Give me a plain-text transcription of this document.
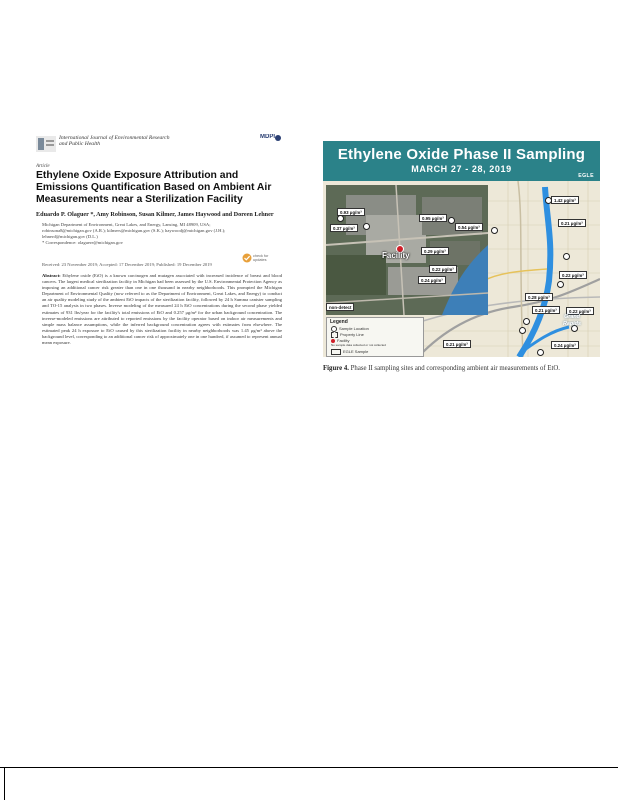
International Journal of Environmental Research and Public Health
MDPI
Article
Ethylene Oxide Exposure Attribution and Emissions Quantification Based on Ambient Air Measurements near a Sterilization Facility
Eduardo P. Olaguer *, Amy Robinson, Susan Kilmer, James Haywood and Doreen Lehner
Michigan Department of Environment, Great Lakes, and Energy, Lansing, MI 48909, USA;
robinsona8@michigan.gov (A.R.); kilmers@michigan.gov (S.K.); haywoodj@michigan.gov (J.H.);
lehnerd@michigan.gov (D.L.)
* Correspondence: olaguere@michigan.gov
check for updates
Received: 23 November 2019; Accepted: 17 December 2019; Published: 19 December 2019
Abstract: Ethylene oxide (EtO) is a known carcinogen and mutagen associated with increased incidence of breast and blood cancers. The largest medical sterilization facility in Michigan had been assessed by the U.S. Environmental Protection Agency as imposing an additional cancer risk greater than one in one thousand in nearby neighborhoods. This prompted the Michigan Department of Environmental Quality (now referred to as the Department of Environment, Great Lakes, and Energy) to conduct an air quality modeling study of the ambient EtO impacts of the sterilization facility, followed by 24 h Summa canister sampling and TO-15 analysis in two phases. Inverse modeling of the measured 24 h EtO concentrations during the second phase yielded estimates of 931 lbs/year for the facility's total emissions of EtO and 0.257 μg/m³ for the urban background concentration. The inverse-modeled emissions are attributed to reported emissions by the facility operator based on indoor air measurements and simple mass balance assumptions, while the inferred background concentration agrees with estimates from elsewhere. The estimated peak 24 h exposure to EtO caused by this sterilization facility in nearby neighborhoods was 1.45 μg/m³ above the background level, corresponding to an additional cancer risk of approximately one in one hundred, if assumed to represent annual mean exposure.
Ethylene Oxide Phase II Sampling
MARCH 27 - 28, 2019
EGLE
Facility
0.93 μg/m³
0.95 μg/m³
0.54 μg/m³
1.42 μg/m³
0.37 μg/m³
0.21 μg/m³
0.29 μg/m³
0.22 μg/m³
0.24 μg/m³
0.22 μg/m³
0.28 μg/m³
0.21 μg/m³	0.22 μg/m³
0.21 μg/m³	0.24 μg/m³
non-detect
Grand Rapids
Legend
Sample Location
Property Line
Facility
No sample data collected or not collected
EGLE Sample
Figure 4. Phase II sampling sites and corresponding ambient air measurements of EtO.
